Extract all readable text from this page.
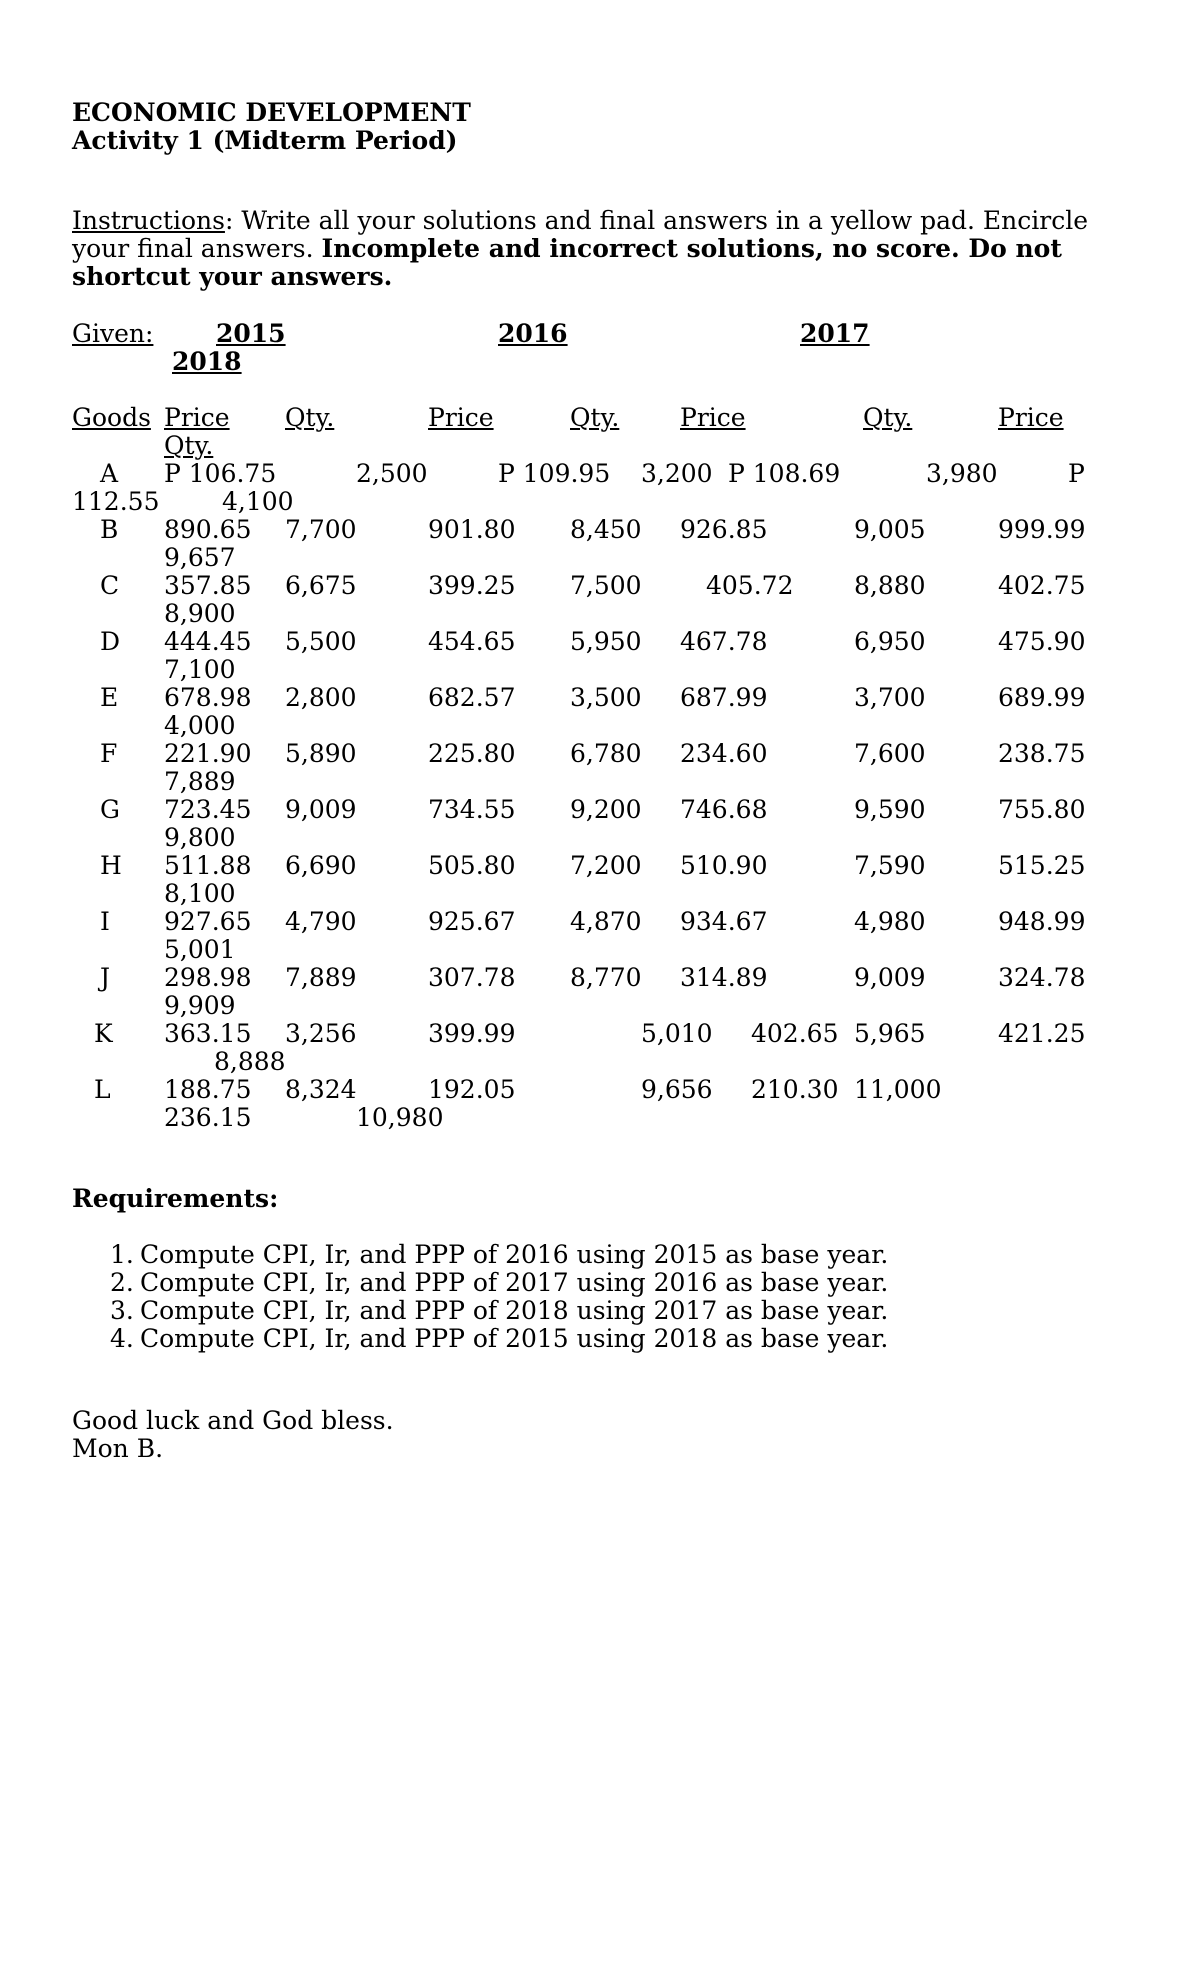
ECONOMIC DEVELOPMENT
Activity 1 (Midterm Period)
Instructions: Write all your solutions and final answers in a yellow pad. Encircle your final answers. Incomplete and incorrect solutions, no score. Do not shortcut your answers.
Given:	2015	2016	2017
2018
Goods Price Qty.	Price	Qty. Price	Qty.	Price
Qty.
A P 106.75	2,500	P 109.95 3,200 P 108.69	3,980	P
112.55	4,100
B 890.65 7,700	901.80 8,450 926.85	9,005	999.99
9,657
C 357.85 6,675	399.25 7,500	405.72 8,880	402.75
8,900
D 444.45 5,500	454.65 5,950 467.78	6,950	475.90
7,100
E 678.98 2,800	682.57 3,500 687.99	3,700	689.99
4,000
F 221.90 5,890	225.80 6,780 234.60	7,600	238.75
7,889
G 723.45 9,009	734.55 9,200 746.68	9,590	755.80
9,800
H 511.88 6,690	505.80 7,200 510.90	7,590	515.25
8,100
I 927.65 4,790	925.67 4,870 934.67	4,980	948.99
5,001
J 298.98 7,889	307.78 8,770 314.89	9,009	324.78
9,909
K 363.15 3,256	399.99	5,010 402.65 5,965	421.25
8,888
L 188.75 8,324	192.05	9,656 210.30 11,000
236.15	10,980
Requirements:
1. Compute CPI, Ir, and PPP of 2016 using 2015 as base year.
2. Compute CPI, Ir, and PPP of 2017 using 2016 as base year.
3. Compute CPI, Ir, and PPP of 2018 using 2017 as base year.
4. Compute CPI, Ir, and PPP of 2015 using 2018 as base year.
Good luck and God bless.
Mon B.
